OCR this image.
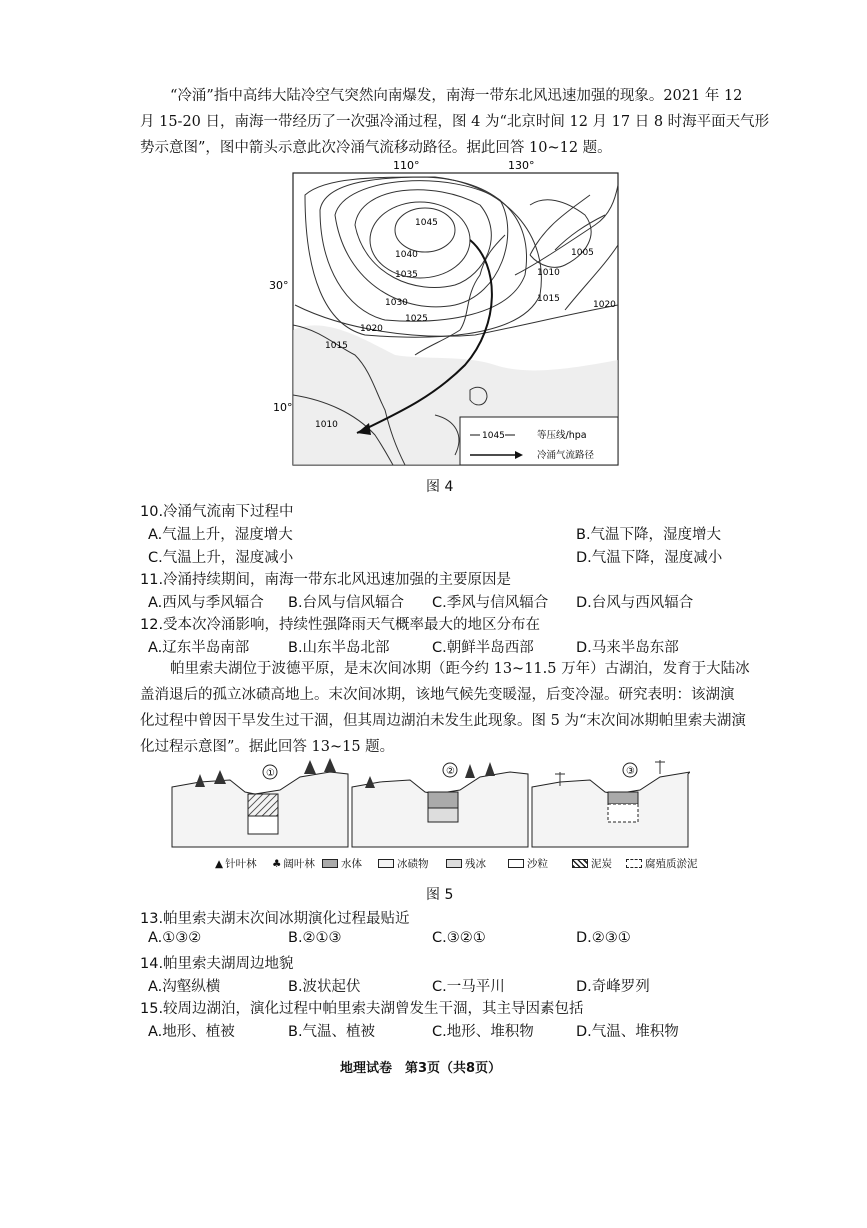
“冷涌”指中高纬大陆冷空气突然向南爆发，南海一带东北风迅速加强的现象。2021 年 12

月 15-20 日，南海一带经历了一次强冷涌过程，图 4 为“北京时间 12 月 17 日 8 时海平面天气形

势示意图”，图中箭头示意此次冷涌气流移动路径。据此回答 10~12 题。

110°	130°
30°
10°
1045
1040
1035
1030
1025
1020
1015
1010
1005
1010
1015
1020
1045	等压线/hpa
冷涌气流路径
图 4
10.冷涌气流南下过程中
A.气温上升，湿度增大	B.气温下降，湿度增大
C.气温上升，湿度减小	D.气温下降，湿度减小
11.冷涌持续期间，南海一带东北风迅速加强的主要原因是
A.西风与季风辐合 B.台风与信风辐合 C.季风与信风辐合 D.台风与西风辐合
12.受本次冷涌影响，持续性强降雨天气概率最大的地区分布在
A.辽东半岛南部	B.山东半岛北部	C.朝鲜半岛西部	D.马来半岛东部

帕里索夫湖位于波德平原，是末次间冰期（距今约 13~11.5 万年）古湖泊，发育于大陆冰

盖消退后的孤立冰碛高地上。末次间冰期，该地气候先变暖湿，后变冷湿。研究表明：该湖演

化过程中曾因干旱发生过干涸，但其周边湖泊未发生此现象。图 5 为“末次间冰期帕里索夫湖演

化过程示意图”。据此回答 13~15 题。

①	②	③
▲ 针叶林 ♣ 阔叶林 水体	冰碛物	残冰	沙粒	泥炭	腐殖质淤泥
图 5
13.帕里索夫湖末次间冰期演化过程最贴近
A.①③②	B.②①③	C.③②①	D.②③①
14.帕里索夫湖周边地貌
A.沟壑纵横	B.波状起伏	C.一马平川	D.奇峰罗列
15.较周边湖泊，演化过程中帕里索夫湖曾发生干涸，其主导因素包括
A.地形、植被	B.气温、植被	C.地形、堆积物	D.气温、堆积物
地理试卷　第3页（共8页）
